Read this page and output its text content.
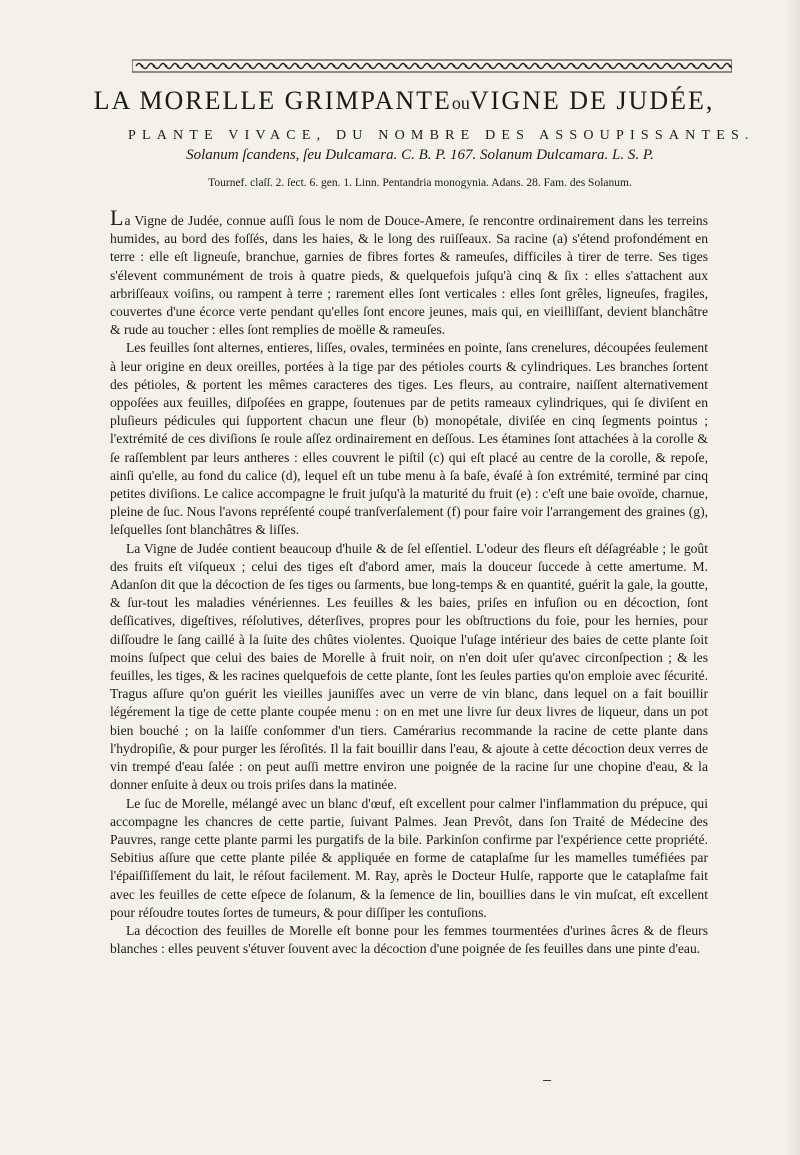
LA MORELLE GRIMPANTEouVIGNE DE JUDÉE,
PLANTE VIVACE, DU NOMBRE DES ASSOUPISSANTES.
Solanum ſcandens, ſeu Dulcamara. C. B. P. 167. Solanum Dulcamara. L. S. P.
Tournef. claſſ. 2. ſect. 6. gen. 1. Linn. Pentandria monogynia. Adans. 28. Fam. des Solanum.

La Vigne de Judée, connue auſſi ſous le nom de Douce-Amere, ſe rencontre ordinairement dans les terreins humides, au bord des foſſés, dans les haies, & le long des ruiſſeaux. Sa racine (a) s'étend profondément en terre : elle eſt ligneuſe, branchue, garnies de fibres fortes & rameuſes, difficiles à tirer de terre. Ses tiges s'élevent communément de trois à quatre pieds, & quelquefois juſqu'à cinq & ſix : elles s'attachent aux arbriſſeaux voiſins, ou rampent à terre ; rarement elles ſont verticales : elles ſont grêles, ligneuſes, fragiles, couvertes d'une écorce verte pendant qu'elles ſont encore jeunes, mais qui, en vieilliſſant, devient blanchâtre & rude au toucher : elles ſont remplies de moëlle & rameuſes.

Les feuilles ſont alternes, entieres, liſſes, ovales, terminées en pointe, ſans crenelures, découpées ſeulement à leur origine en deux oreilles, portées à la tige par des pétioles courts & cylindriques. Les branches ſortent des pétioles, & portent les mêmes caracteres des tiges. Les fleurs, au contraire, naiſſent alternativement oppoſées aux feuilles, diſpoſées en grappe, ſoutenues par de petits rameaux cylindriques, qui ſe diviſent en pluſieurs pédicules qui ſupportent chacun une fleur (b) monopétale, diviſée en cinq ſegments pointus ; l'extrémité de ces diviſions ſe roule aſſez ordinairement en deſſous. Les étamines ſont attachées à la corolle & ſe raſſemblent par leurs antheres : elles couvrent le piſtil (c) qui eſt placé au centre de la corolle, & repoſe, ainſi qu'elle, au fond du calice (d), lequel eſt un tube menu à ſa baſe, évaſé à ſon extrémité, terminé par cinq petites diviſions. Le calice accompagne le fruit juſqu'à la maturité du fruit (e) : c'eſt une baie ovoïde, charnue, pleine de ſuc. Nous l'avons repréſenté coupé tranſverſalement (f) pour faire voir l'arrangement des graines (g), leſquelles ſont blanchâtres & liſſes.

La Vigne de Judée contient beaucoup d'huile & de ſel eſſentiel. L'odeur des fleurs eſt déſagréable ; le goût des fruits eſt viſqueux ; celui des tiges eſt d'abord amer, mais la douceur ſuccede à cette amertume. M. Adanſon dit que la décoction de ſes tiges ou ſarments, bue long-temps & en quantité, guérit la gale, la goutte, & ſur-tout les maladies vénériennes. Les feuilles & les baies, priſes en infuſion ou en décoction, ſont deſſicatives, digeſtives, réſolutives, déterſives, propres pour les obſtructions du foie, pour les hernies, pour diſſoudre le ſang caillé à la ſuite des chûtes violentes. Quoique l'uſage intérieur des baies de cette plante ſoit moins ſuſpect que celui des baies de Morelle à fruit noir, on n'en doit uſer qu'avec circonſpection ; & les feuilles, les tiges, & les racines quelquefois de cette plante, ſont les ſeules parties qu'on emploie avec ſécurité. Tragus aſſure qu'on guérit les vieilles jauniſſes avec un verre de vin blanc, dans lequel on a fait bouillir légérement la tige de cette plante coupée menu : on en met une livre ſur deux livres de liqueur, dans un pot bien bouché ; on la laiſſe conſommer d'un tiers. Camérarius recommande la racine de cette plante dans l'hydropiſie, & pour purger les ſéroſités. Il la fait bouillir dans l'eau, & ajoute à cette décoction deux verres de vin trempé d'eau ſalée : on peut auſſi mettre environ une poignée de la racine ſur une chopine d'eau, & la donner enſuite à deux ou trois priſes dans la matinée.

Le ſuc de Morelle, mélangé avec un blanc d'œuf, eſt excellent pour calmer l'inflammation du prépuce, qui accompagne les chancres de cette partie, ſuivant Palmes. Jean Prevôt, dans ſon Traité de Médecine des Pauvres, range cette plante parmi les purgatifs de la bile. Parkinſon confirme par l'expérience cette propriété. Sebitius aſſure que cette plante pilée & appliquée en forme de cataplaſme ſur les mamelles tuméfiées par l'épaiſſiſſement du lait, le réſout facilement. M. Ray, après le Docteur Hulſe, rapporte que le cataplaſme fait avec les feuilles de cette eſpece de ſolanum, & la ſemence de lin, bouillies dans le vin muſcat, eſt excellent pour réſoudre toutes ſortes de tumeurs, & pour diſſiper les contuſions.

La décoction des feuilles de Morelle eſt bonne pour les femmes tourmentées d'urines âcres & de fleurs blanches : elles peuvent s'étuver ſouvent avec la décoction d'une poignée de ſes feuilles dans une pinte d'eau.
